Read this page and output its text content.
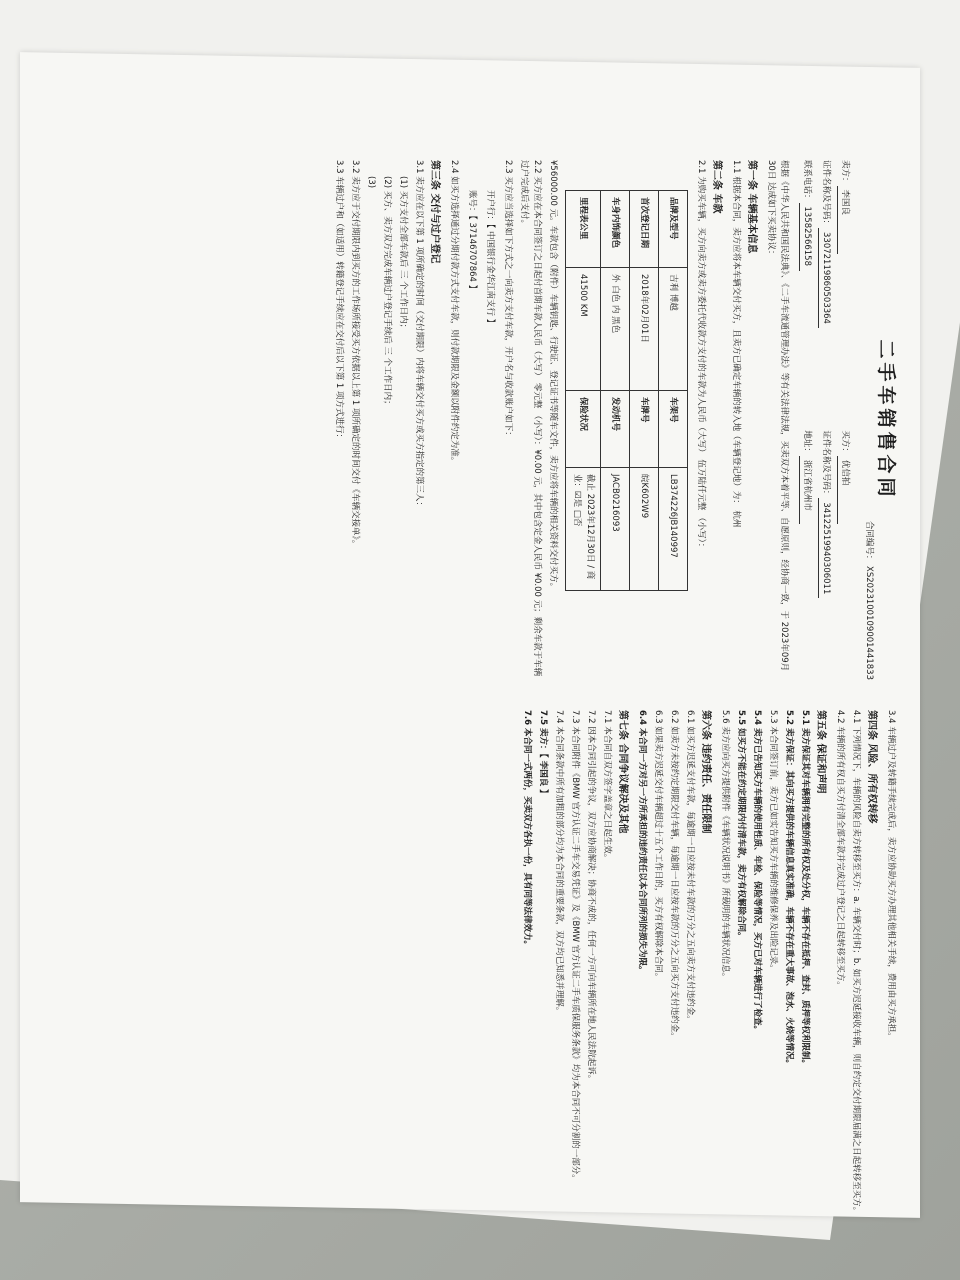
二手车销售合同
合同编号： XS2023100109001441833
卖方：李国良
证件名称及号码：33072119860503364
联系电话：13582566158
买方：优信拍
证件名称及号码：34122519940306011
地址：浙江省杭州市
根据《中华人民共和国民法典》、《二手车流通管理办法》等有关法律法规，买卖双方本着平等、自愿原则，经协商一致，于 2023年09月30日 达成如下买卖协议：
第一条 车辆基本信息
1.1 根据本合同，卖方应将本车辆交付买方，且卖方已确定车辆的转入地（车辆登记地）为： 杭州
第二条 车款
2.1 为购买车辆，买方向卖方或卖方委托代收款方支付的车款为人民币（大写） 伍万陆仟元整 （小写）：
品牌及型号	吉利 博越	车架号	LB374226JB140997
首次登记日期	2018年02月01日	车牌号	皖K602W9
车身内饰颜色	外 白色 内 黑色	发动机号	JACB0216093
里程表公里	41500 KM	保险状况	截止 2023年12月30日 / 商业：☑是 □否
¥56000.00 元。车款包含（附件）车辆钥匙、行驶证、登记证书等随车文件，卖方应将车辆的相关资料交付买方。
2.2 买方应在本合同签订之日起付首期车款人民币（大写） 零元整 （小写）：¥0.00 元，其中包含定金人民币 ¥0.00 元；剩余车款于车辆过户完成后支付。
2.3 买方应当选择如下方式之一向卖方支付车款，开户名与收款账户如下：
开户行：【 中国银行金华江南支行 】
账号：【 37146707864 】
2.4 如买方选择通过分期付款方式支付车款，则付款期限及金额以附件约定为准。
第三条 交付与过户登记
3.1 卖方应在以下第 1 项所确定的时间（交付期限）内将车辆交付买方或买方指定的第三人：
(1) 买方支付全部车款后 三 个工作日内；
(2) 买方、卖方双方完成车辆过户登记手续后 三 个工作日内；
(3)
3.2 卖方应于交付期限内到买方的工作场所接受买方依据以上第 1 项所确定的时间交付《车辆交接单》。
3.3 车辆过户和（如适用）转籍登记手续应在交付后以下第 1 项方式进行：
3.4 车辆过户及转籍手续完成后，卖方应协助买方办理其他相关手续，费用由买方承担。
第四条 风险、所有权转移
4.1 下列情况下，车辆的风险自卖方转移至买方：a. 车辆交付时；b. 如买方迟延接收车辆，则自约定交付期限届满之日起转移至买方。
4.2 车辆的所有权自买方付清全部车款并完成过户登记之日起转移至买方。
第五条 保证和声明
5.1 卖方保证其对车辆拥有完整的所有权及处分权，车辆不存在抵押、查封、质押等权利限制。
5.2 卖方保证：其向买方提供的车辆信息真实准确，车辆不存在重大事故、泡水、火烧等情况。
5.3 本合同签订前，卖方已如实告知买方车辆的维修保养及出险记录。
5.4 卖方已告知买方车辆的使用性质、年检、保险等情况，买方已对车辆进行了检查。
5.5 如买方不能在约定期限内付清车款，卖方有权解除合同。
5.6 卖方应向买方提供附件《车辆状况说明书》所载明的车辆状况信息。
第六条 违约责任、责任限制
6.1 如买方迟延支付车款，每逾期一日应按未付车款的万分之五向卖方支付违约金。
6.2 如卖方未按约定期限交付车辆，每逾期一日应按车款的万分之五向买方支付违约金。
6.3 如果卖方迟延交付车辆超过十五个工作日的，买方有权解除本合同。
6.4 本合同一方对另一方所承担的违约责任以本合同所列的损失为限。
第七条 合同争议解决及其他
7.1 本合同自双方签字盖章之日起生效。
7.2 因本合同引起的争议，双方应协商解决；协商不成的，任何一方可向车辆所在地人民法院起诉。
7.3 本合同附件《BMW 官方认证二手车交易凭证》及《BMW 官方认证二手车质保服务条款》均为本合同不可分割的一部分。
7.4 本合同条款中所有加粗的部分均为本合同的重要条款，双方均已知悉并理解。
7.5 卖方：【 李国良 】
7.6 本合同一式两份，买卖双方各执一份，具有同等法律效力。
